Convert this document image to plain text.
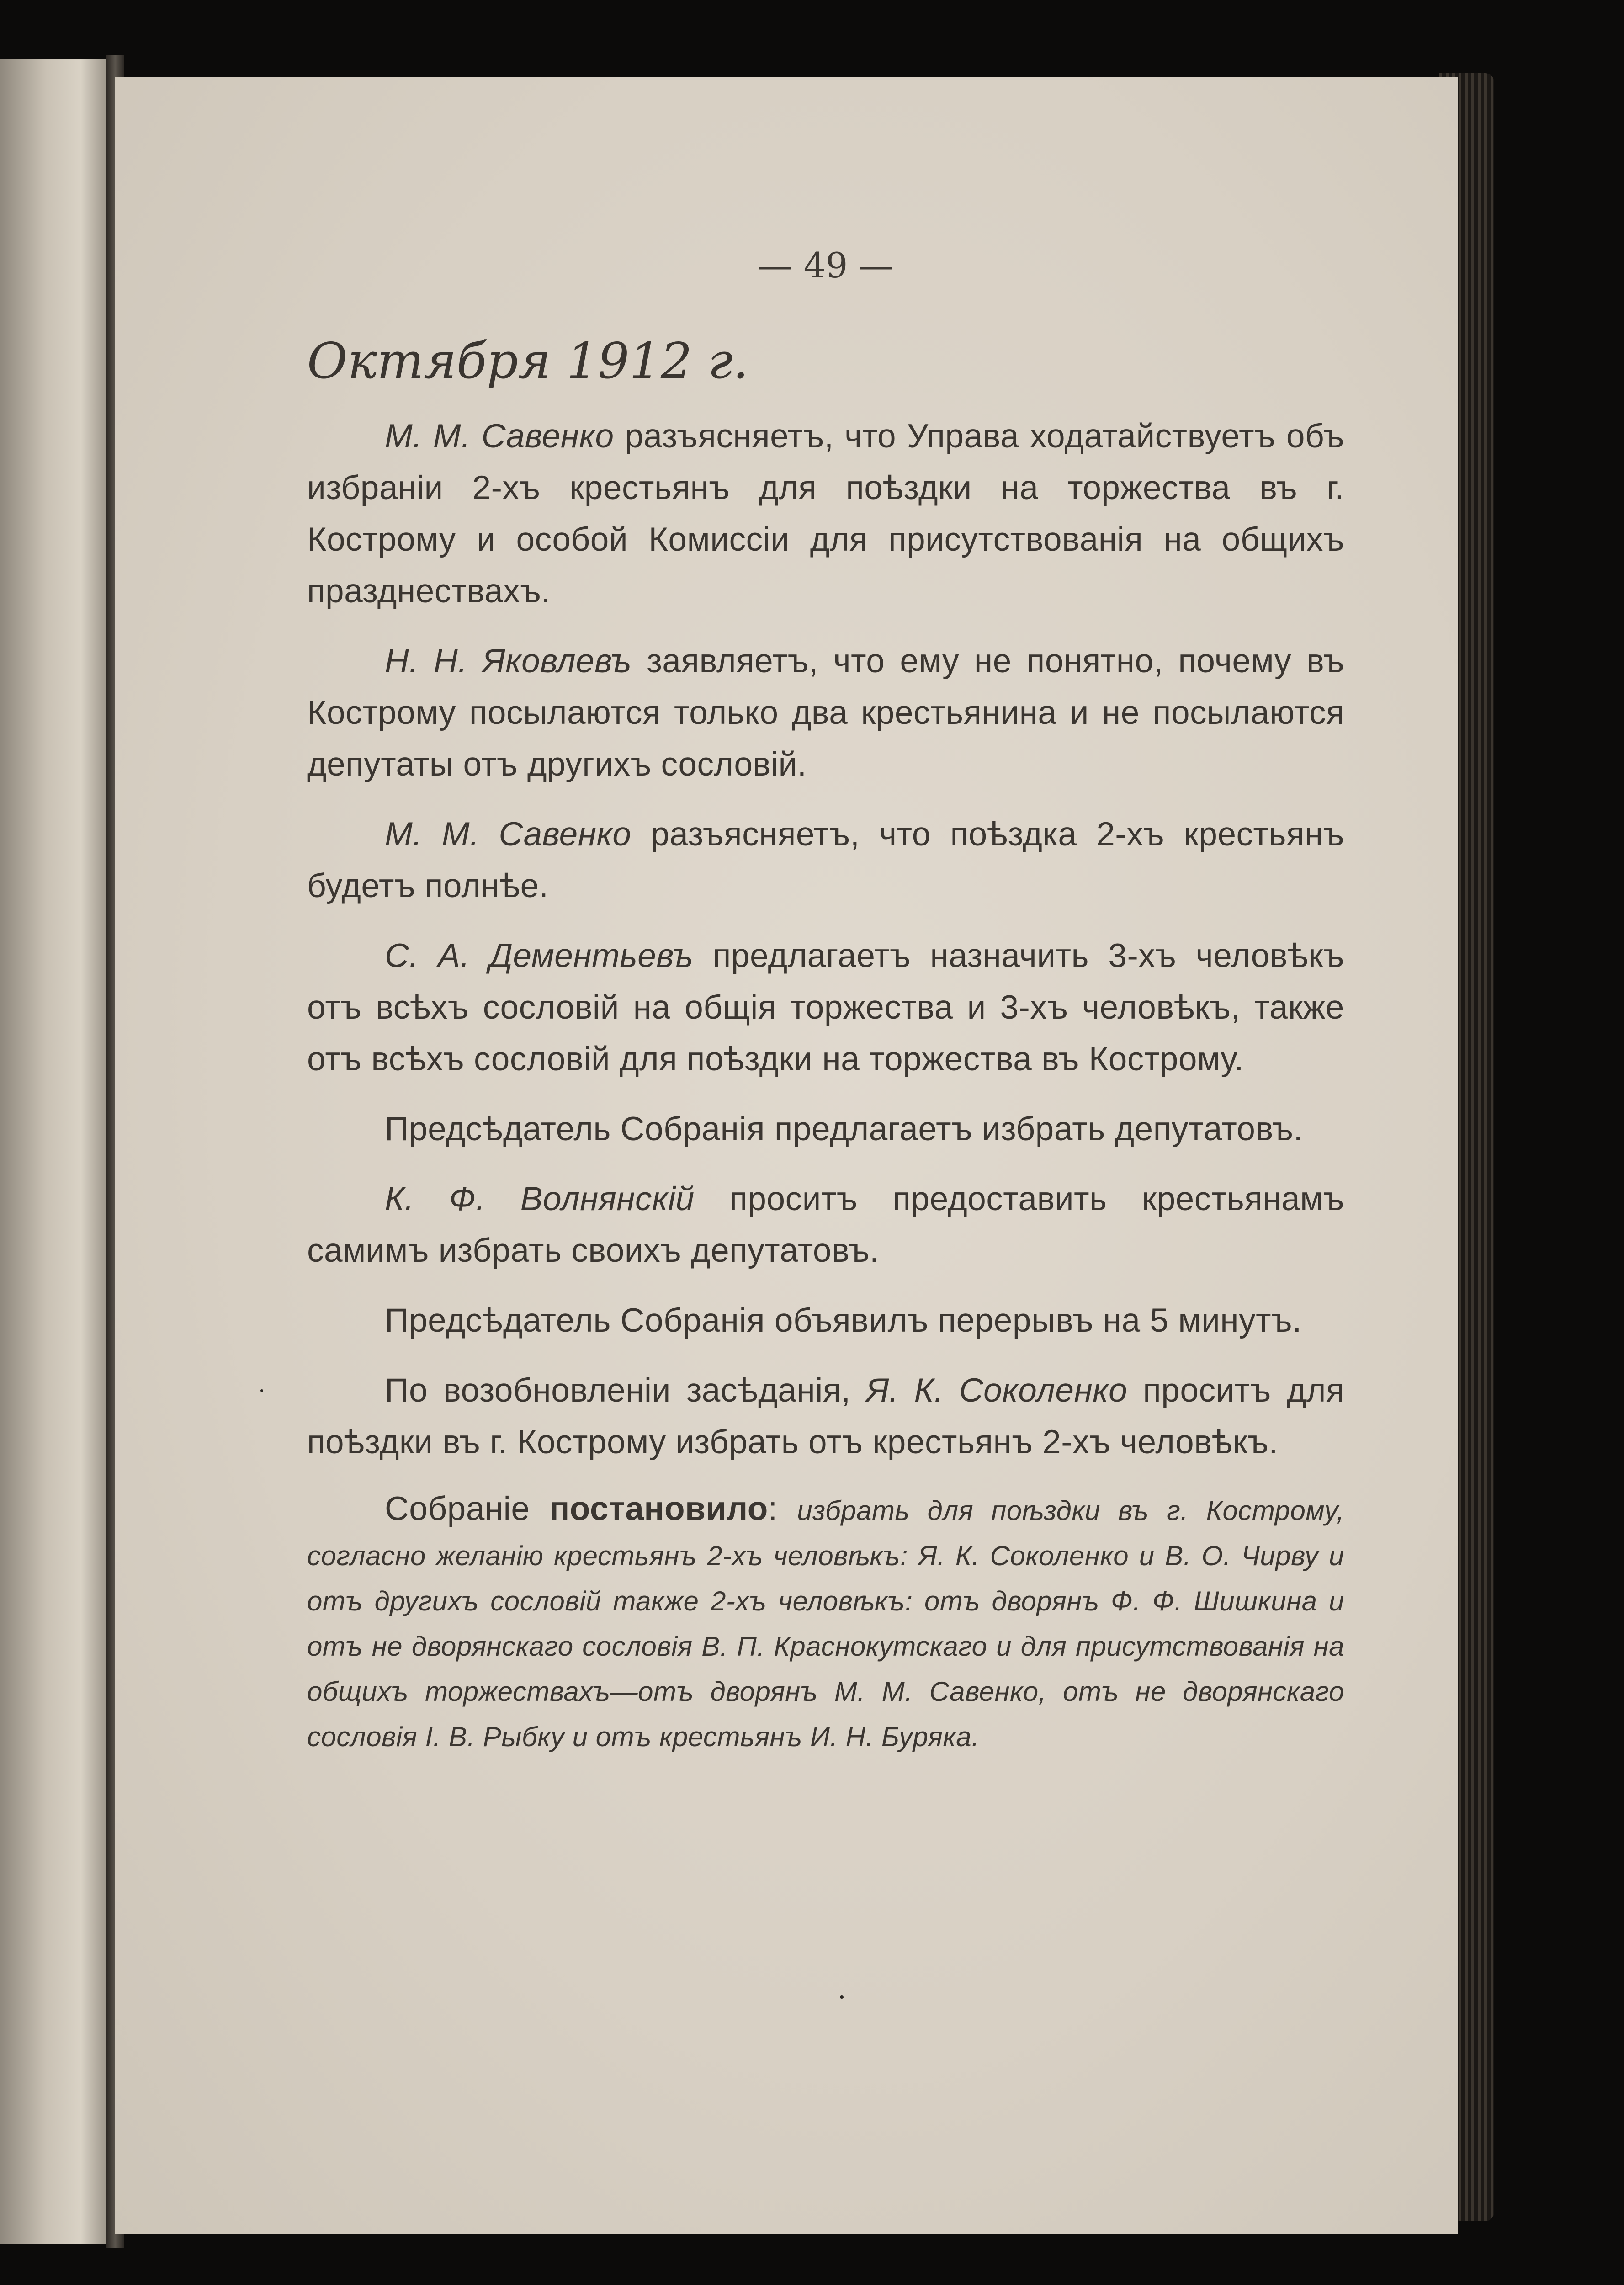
— 49 —
Октября 1912 г.

М. М. Савенко разъясняетъ, что Управа ходатайствуетъ объ избраніи 2-хъ крестьянъ для поѣздки на торжества въ г. Кострому и особой Комиссіи для присутствованія на общихъ празднествахъ.

Н. Н. Яковлевъ заявляетъ, что ему не понятно, почему въ Кострому посылаются только два крестьянина и не посылаются депутаты отъ другихъ сословій.

М. М. Савенко разъясняетъ, что поѣздка 2-хъ крестьянъ будетъ полнѣе.

С. А. Дементьевъ предлагаетъ назначить 3-хъ человѣкъ отъ всѣхъ сословій на общія торжества и 3-хъ человѣкъ, также отъ всѣхъ сословій для поѣздки на торжества въ Кострому.

Предсѣдатель Собранія предлагаетъ избрать депутатовъ.

К. Ф. Волнянскій проситъ предоставить крестьянамъ самимъ избрать своихъ депутатовъ.

Предсѣдатель Собранія объявилъ перерывъ на 5 минутъ.

По возобновленіи засѣданія, Я. К. Соколенко проситъ для поѣздки въ г. Кострому избрать отъ крестьянъ 2-хъ человѣкъ.

Собраніе постановило: избрать для поѣздки въ г. Кострому, согласно желанію крестьянъ 2-хъ человѣкъ: Я. К. Соколенко и В. О. Чирву и отъ другихъ сословій также 2-хъ человѣкъ: отъ дворянъ Ф. Ф. Шишкина и отъ не дворянскаго сословія В. П. Краснокутскаго и для присутствованія на общихъ торжествахъ—отъ дворянъ М. М. Савенко, отъ не дворянскаго сословія І. В. Рыбку и отъ крестьянъ И. Н. Буряка.
